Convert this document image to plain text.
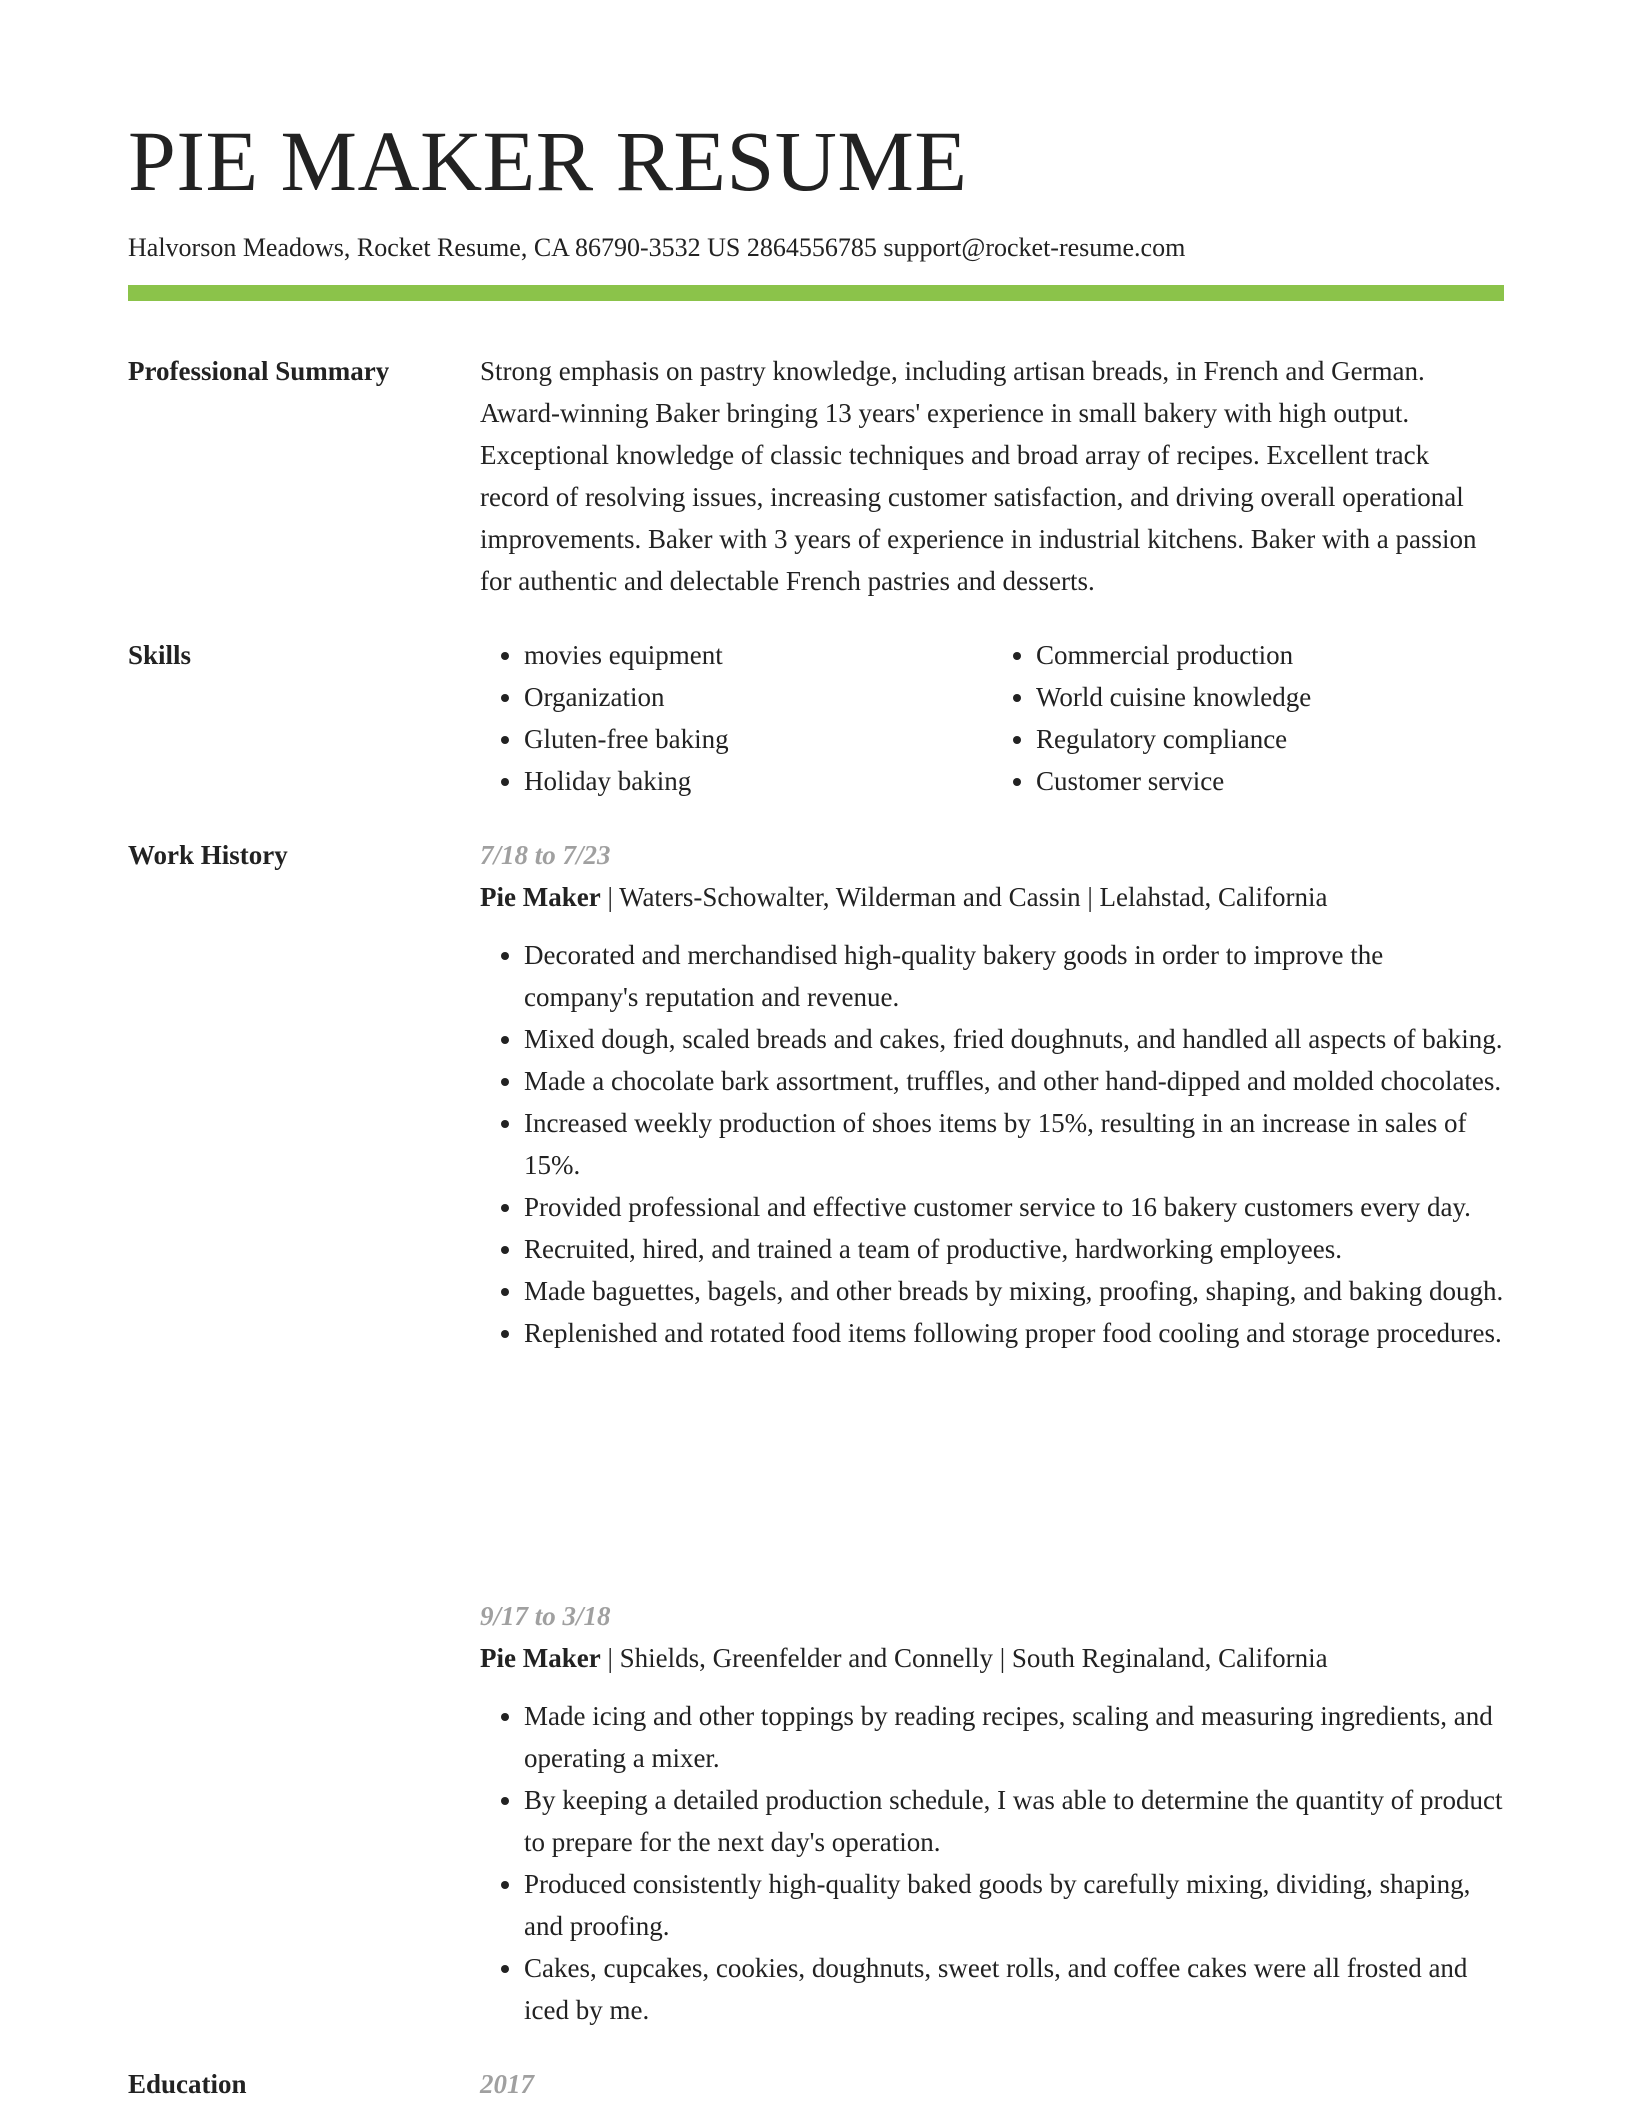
PIE MAKER RESUME

Halvorson Meadows, Rocket Resume, CA 86790-3532 US 2864556785 support@rocket-resume.com

Professional Summary	Strong emphasis on pastry knowledge, including artisan breads, in French and German. Award-winning Baker bringing 13 years' experience in small bakery with high output. Exceptional knowledge of classic techniques and broad array of recipes. Excellent track record of resolving issues, increasing customer satisfaction, and driving overall operational improvements. Baker with 3 years of experience in industrial kitchens. Baker with a passion for authentic and delectable French pastries and desserts.

Skills
•	movies equipment
• Organization
• Gluten-free baking
• Holiday baking
• Commercial production
• World cuisine knowledge
• Regulatory compliance
• Customer service
Work History	7/18 to 7/23

Pie Maker | Waters-Schowalter, Wilderman and Cassin | Lelahstad, California

• Decorated and merchandised high-quality bakery goods in order to improve the company's reputation and revenue.
• Mixed dough, scaled breads and cakes, fried doughnuts, and handled all aspects of baking.
• Made a chocolate bark assortment, truffles, and other hand-dipped and molded chocolates.
• Increased weekly production of shoes items by 15%, resulting in an increase in sales of 15%.
• Provided professional and effective customer service to 16 bakery customers every day.
• Recruited, hired, and trained a team of productive, hardworking employees.
• Made baguettes, bagels, and other breads by mixing, proofing, shaping, and baking dough.
• Replenished and rotated food items following proper food cooling and storage procedures.

9/17 to 3/18

Pie Maker | Shields, Greenfelder and Connelly | South Reginaland, California

• Made icing and other toppings by reading recipes, scaling and measuring ingredients, and operating a mixer.
• By keeping a detailed production schedule, I was able to determine the quantity of product to prepare for the next day's operation.
• Produced consistently high-quality baked goods by carefully mixing, dividing, shaping, and proofing.
• Cakes, cupcakes, cookies, doughnuts, sweet rolls, and coffee cakes were all frosted and iced by me.
Education	2017
